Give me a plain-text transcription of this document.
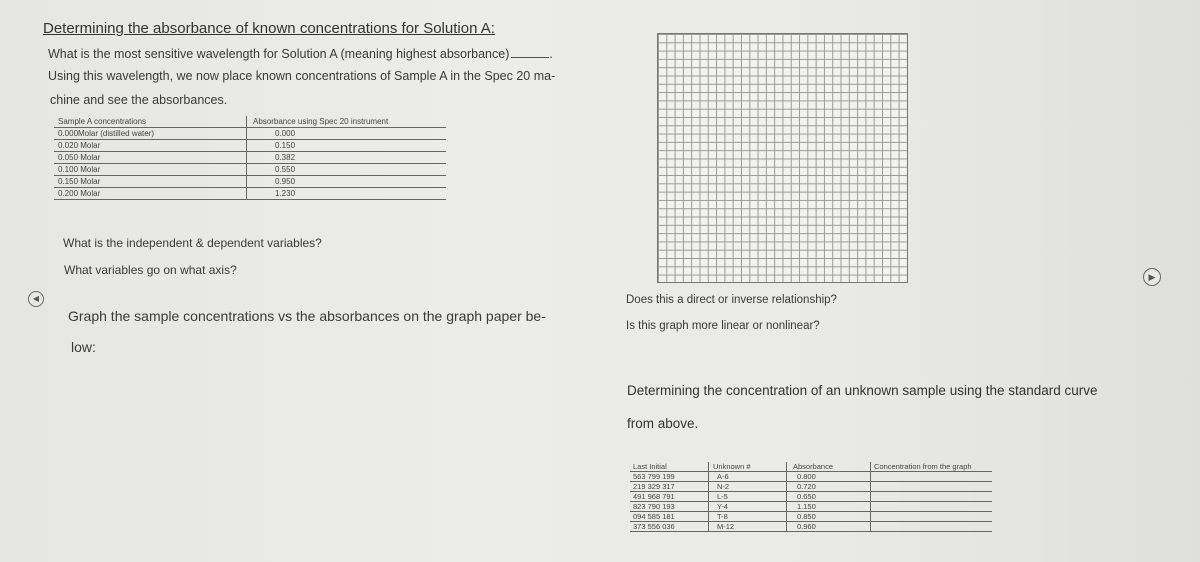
Determining the absorbance of known concentrations for Solution A:
What is the most sensitive wavelength for Solution A (meaning highest absorbance)	.
Using this wavelength, we now place known concentrations of Sample A in the Spec 20 ma-
chine and see the absorbances.
Sample A concentrations	Absorbance using Spec 20 instrument
0.000Molar (distilled water)	0.000
0.020 Molar	0.150
0.050 Molar	0.382
0.100 Molar	0.550
0.150 Molar	0.950
0.200 Molar	1.230
What is the independent & dependent variables?
What variables go on what axis?
Graph the sample concentrations vs the absorbances on the graph paper be-
low:
Does this a direct or inverse relationship?
Is this graph more linear or nonlinear?
Determining the concentration of an unknown sample using the standard curve
from above.
Last Initial	Unknown #	Absorbance	Concentration from the graph
563 799 199	A-6	0.800	
219 329 317	N-2	0.720	
491 968 791	L-5	0.650	
823 790 193	Y-4	1.150	
094 585 181	T-8	0.850	
373 556 036	M-12	0.960	
◀
▶
